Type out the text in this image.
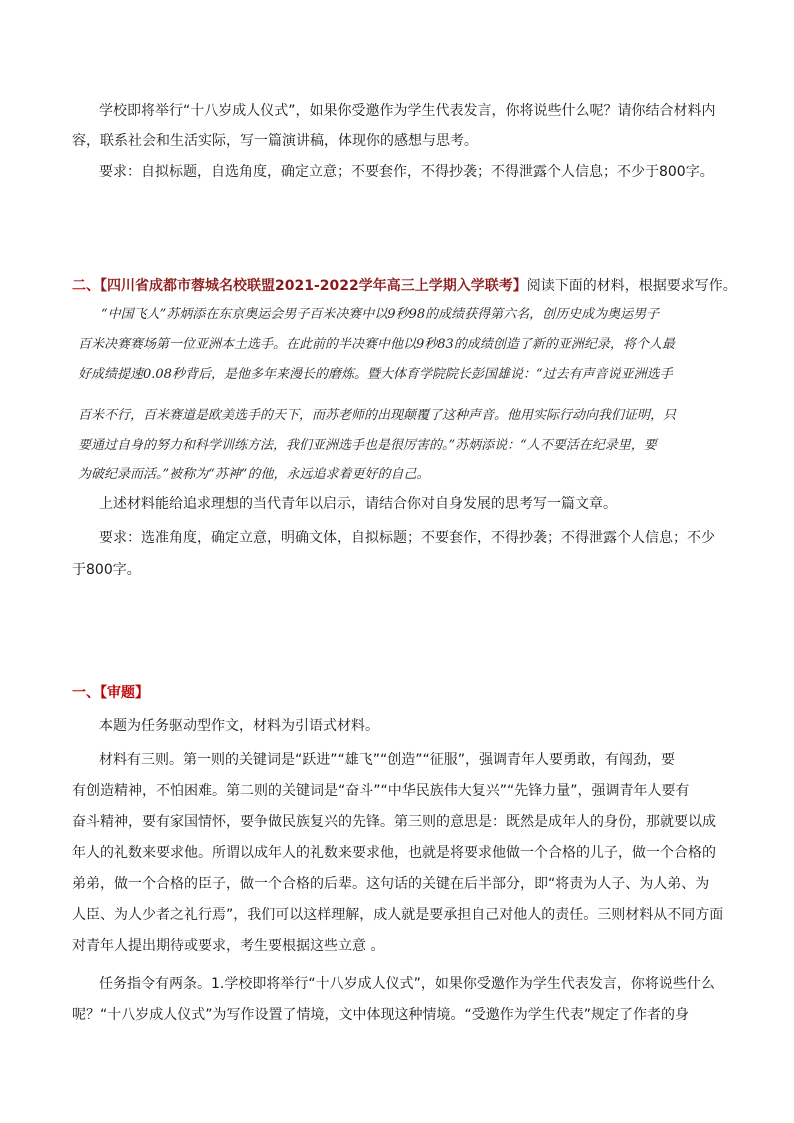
学校即将举行“十八岁成人仪式”，如果你受邀作为学生代表发言，你将说些什么呢？请你结合材料内
容，联系社会和生活实际，写一篇演讲稿，体现你的感想与思考。
要求：自拟标题，自选角度，确定立意；不要套作，不得抄袭；不得泄露个人信息；不少于800字。
二、【四川省成都市蓉城名校联盟2021-2022学年高三上学期入学联考】阅读下面的材料，根据要求写作。
“中国飞人”苏炳添在东京奥运会男子百米决赛中以9秒98的成绩获得第六名，创历史成为奥运男子
百米决赛赛场第一位亚洲本土选手。在此前的半决赛中他以9秒83的成绩创造了新的亚洲纪录，将个人最
好成绩提速0.08秒背后，是他多年来漫长的磨炼。暨大体育学院院长彭国雄说：“过去有声音说亚洲选手
百米不行，百米赛道是欧美选手的天下，而苏老师的出现颠覆了这种声音。他用实际行动向我们证明，只
要通过自身的努力和科学训练方法，我们亚洲选手也是很厉害的。”苏炳添说：“人不要活在纪录里，要
为破纪录而活。”被称为“苏神”的他，永远追求着更好的自己。
上述材料能给追求理想的当代青年以启示，请结合你对自身发展的思考写一篇文章。
要求：选准角度，确定立意，明确文体，自拟标题；不要套作，不得抄袭；不得泄露个人信息；不少
于800字。
一、【审题】
本题为任务驱动型作文，材料为引语式材料。
材料有三则。第一则的关键词是“跃进”“雄飞”“创造”“征服”，强调青年人要勇敢，有闯劲，要
有创造精神，不怕困难。第二则的关键词是“奋斗”“中华民族伟大复兴”“先锋力量”，强调青年人要有
奋斗精神，要有家国情怀，要争做民族复兴的先锋。第三则的意思是：既然是成年人的身份，那就要以成
年人的礼数来要求他。所谓以成年人的礼数来要求他，也就是将要求他做一个合格的儿子，做一个合格的
弟弟，做一个合格的臣子，做一个合格的后辈。这句话的关键在后半部分，即“将责为人子、为人弟、为
人臣、为人少者之礼行焉”，我们可以这样理解，成人就是要承担自己对他人的责任。三则材料从不同方面
对青年人提出期待或要求，考生要根据这些立意 。
任务指令有两条。1.学校即将举行“十八岁成人仪式”，如果你受邀作为学生代表发言，你将说些什么
呢？“十八岁成人仪式”为写作设置了情境，文中体现这种情境。“受邀作为学生代表”规定了作者的身
